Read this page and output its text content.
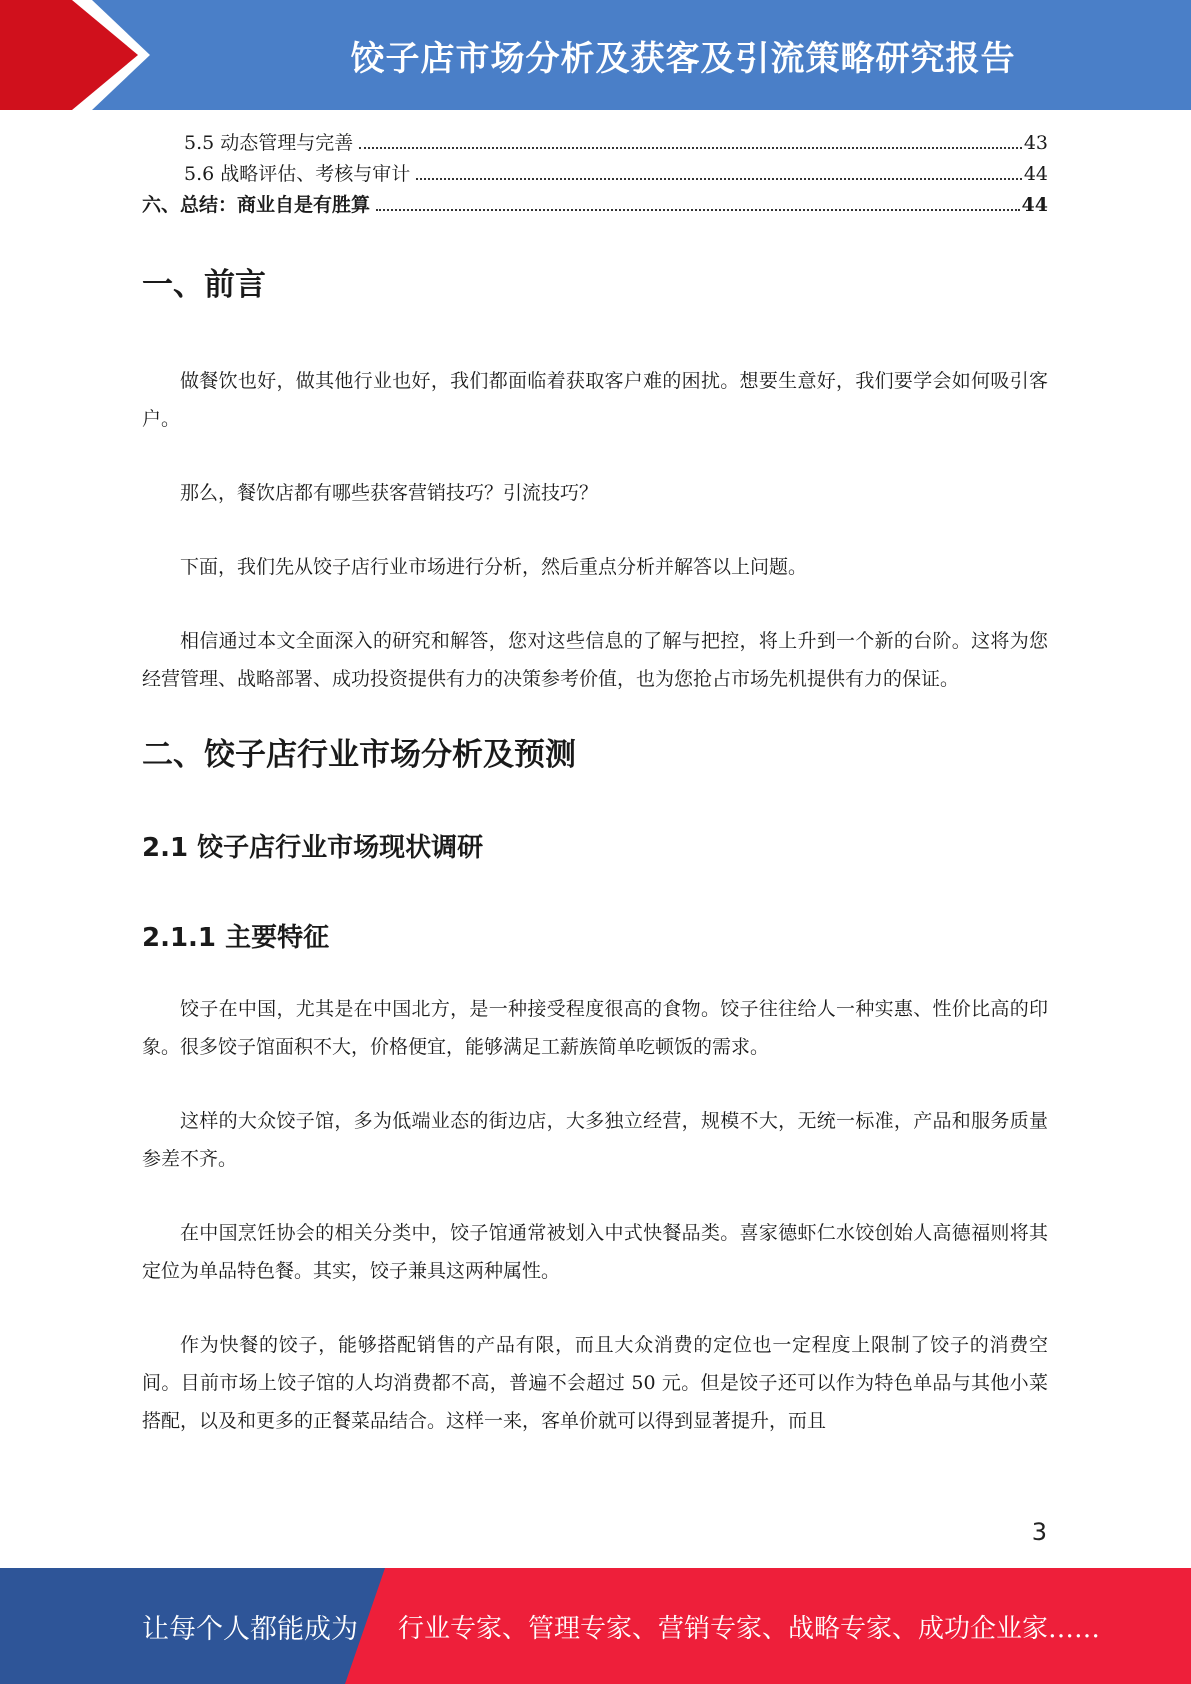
饺子店市场分析及获客及引流策略研究报告
5.5 动态管理与完善	43
5.6 战略评估、考核与审计	44
六、总结：商业自是有胜算	44
一、前言

做餐饮也好，做其他行业也好，我们都面临着获取客户难的困扰。想要生意好，我们要学会如何吸引客户。

那么，餐饮店都有哪些获客营销技巧？引流技巧？

下面，我们先从饺子店行业市场进行分析，然后重点分析并解答以上问题。

相信通过本文全面深入的研究和解答，您对这些信息的了解与把控，将上升到一个新的台阶。这将为您经营管理、战略部署、成功投资提供有力的决策参考价值，也为您抢占市场先机提供有力的保证。

二、饺子店行业市场分析及预测
2.1 饺子店行业市场现状调研
2.1.1 主要特征

饺子在中国，尤其是在中国北方，是一种接受程度很高的食物。饺子往往给人一种实惠、性价比高的印象。很多饺子馆面积不大，价格便宜，能够满足工薪族简单吃顿饭的需求。

这样的大众饺子馆，多为低端业态的街边店，大多独立经营，规模不大，无统一标准，产品和服务质量参差不齐。

在中国烹饪协会的相关分类中，饺子馆通常被划入中式快餐品类。喜家德虾仁水饺创始人高德福则将其定位为单品特色餐。其实，饺子兼具这两种属性。

作为快餐的饺子，能够搭配销售的产品有限，而且大众消费的定位也一定程度上限制了饺子的消费空间。目前市场上饺子馆的人均消费都不高，普遍不会超过 50 元。但是饺子还可以作为特色单品与其他小菜搭配，以及和更多的正餐菜品结合。这样一来，客单价就可以得到显著提升，而且

3
让每个人都能成为 行业专家、管理专家、营销专家、战略专家、成功企业家……
